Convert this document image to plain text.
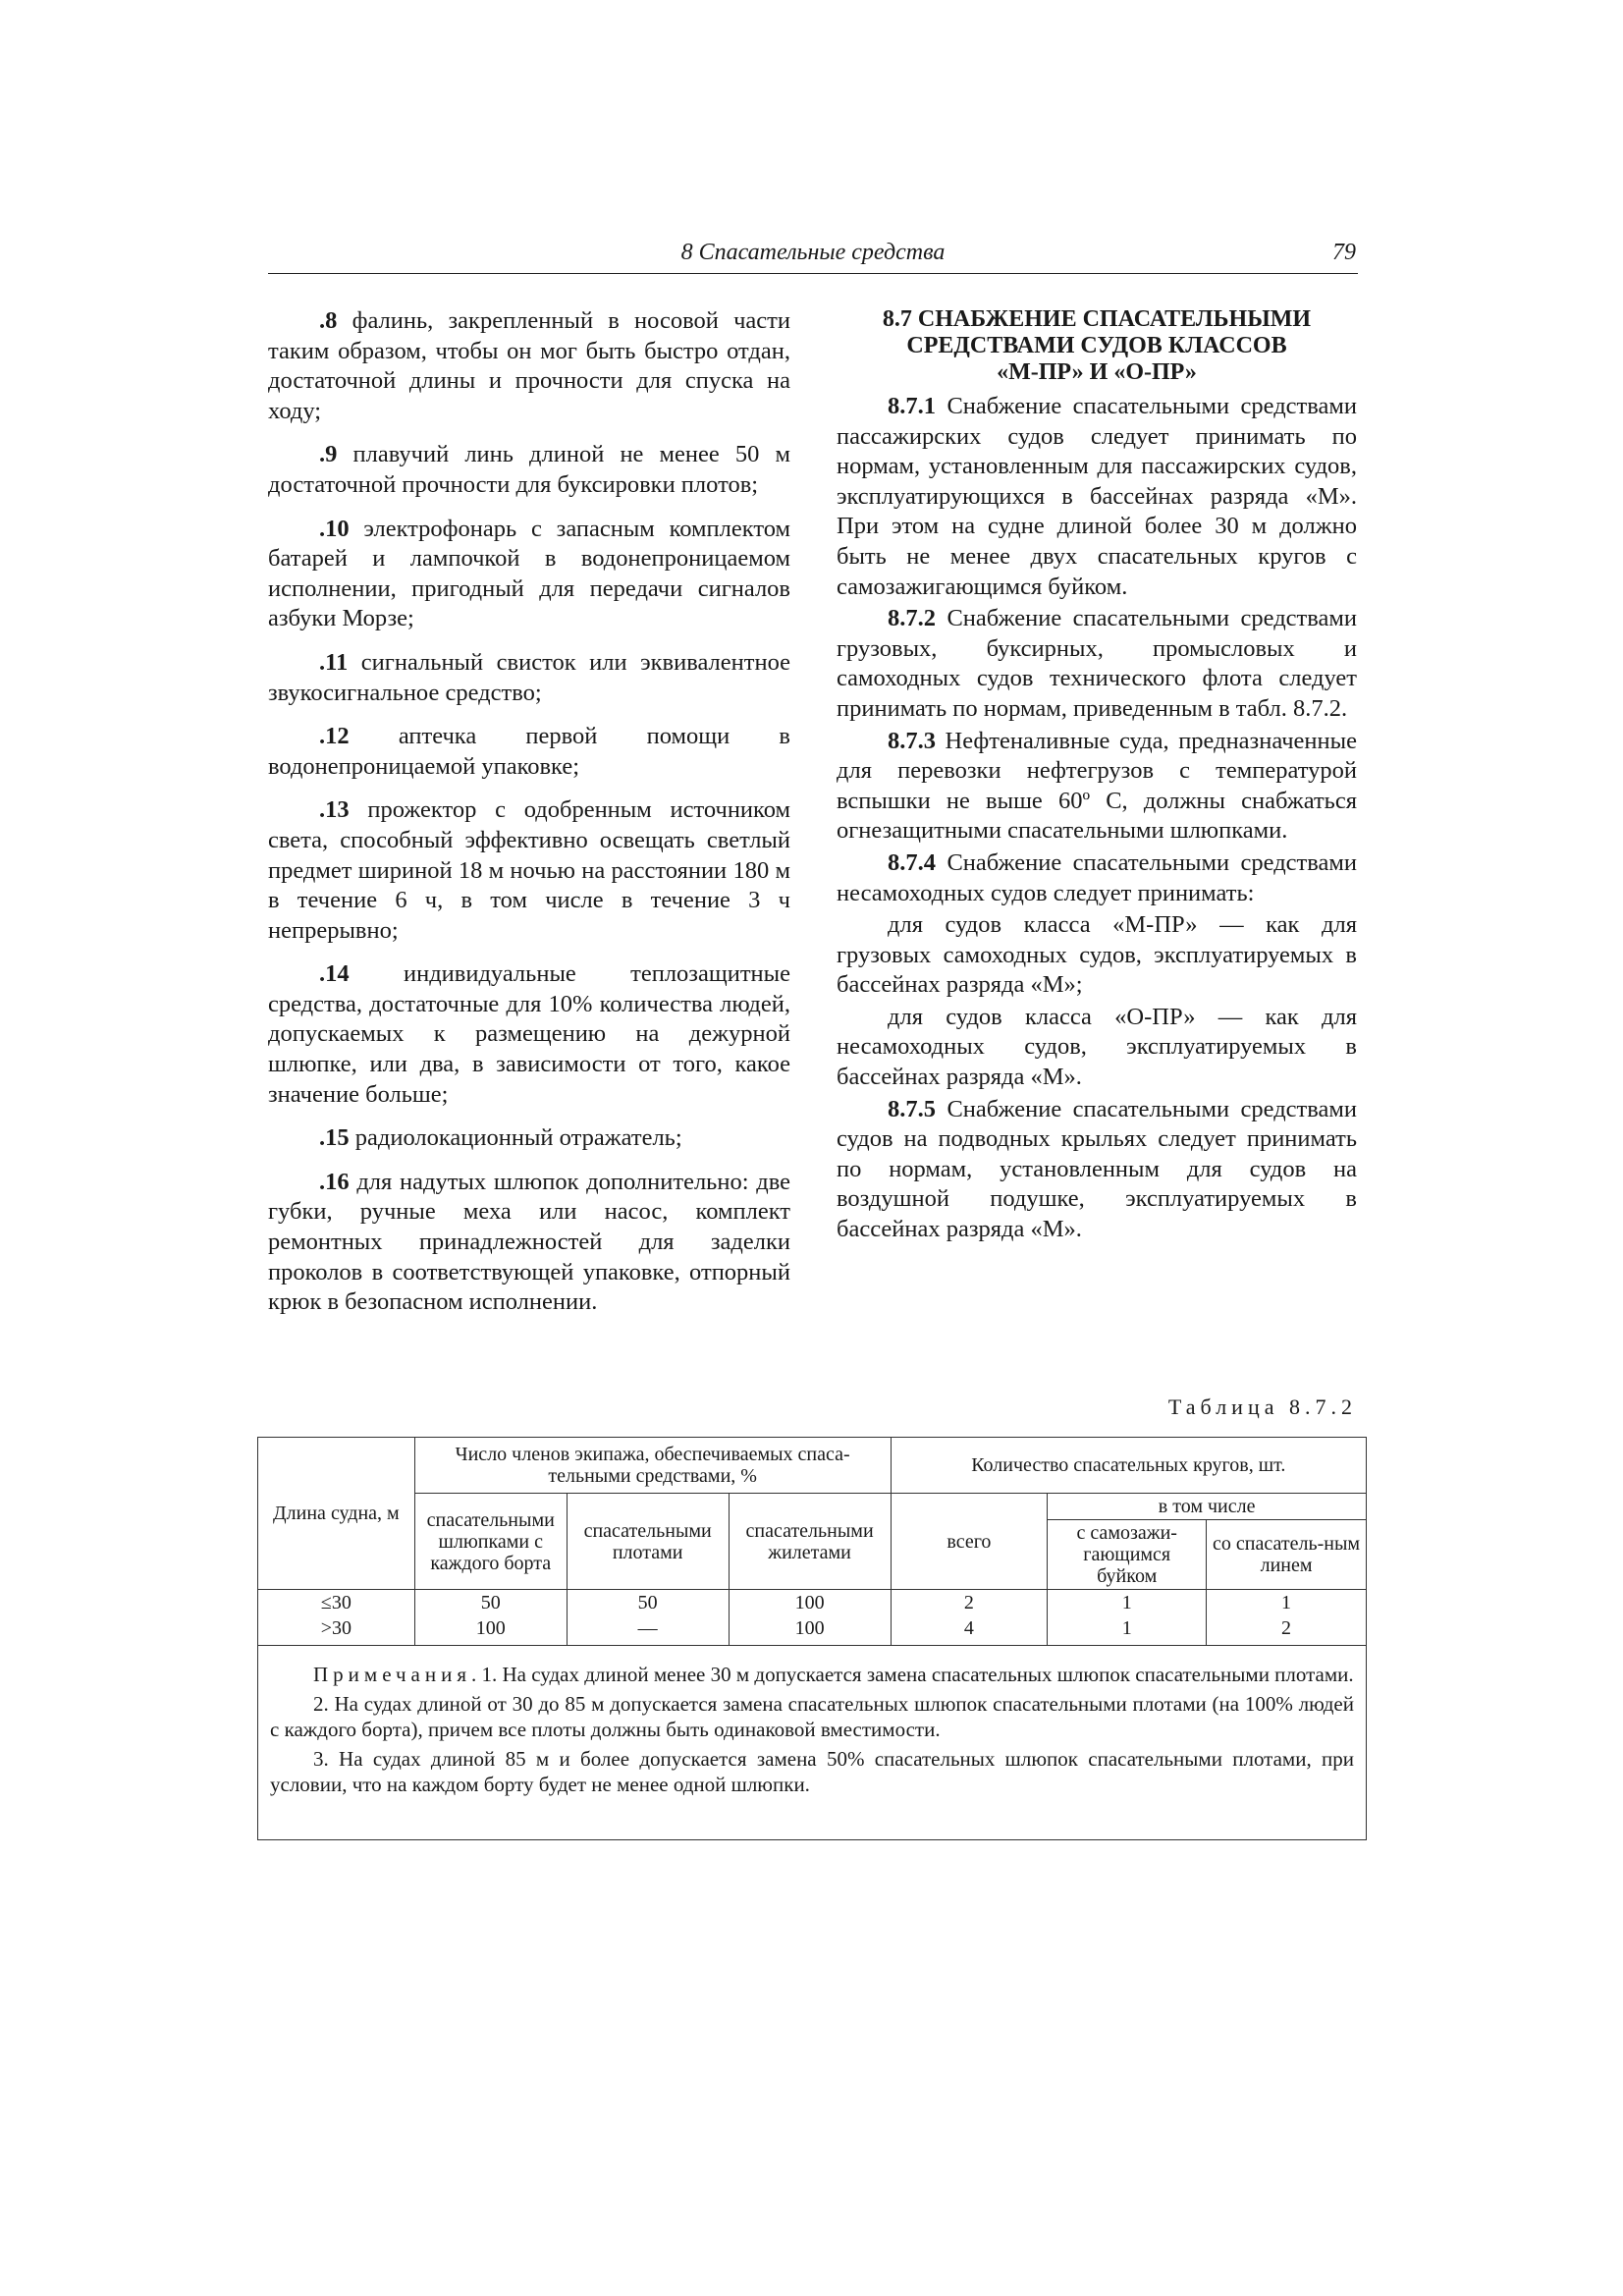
8 Спасательные средства	79

.8 фалинь, закрепленный в носовой части таким образом, чтобы он мог быть быстро отдан, достаточной длины и прочности для спуска на ходу;

.9 плавучий линь длиной не менее 50 м достаточной прочности для буксировки плотов;

.10 электрофонарь с запасным комплектом батарей и лампочкой в водонепроницаемом исполнении, пригодный для передачи сигналов азбуки Морзе;

.11 сигнальный свисток или эквивалентное звукосигнальное средство;

.12 аптечка первой помощи в водонепроницаемой упаковке;

.13 прожектор с одобренным источником света, способный эффективно освещать светлый предмет шириной 18 м ночью на расстоянии 180 м в течение 6 ч, в том числе в течение 3 ч непрерывно;

.14 индивидуальные теплозащитные средства, достаточные для 10% количества людей, допускаемых к размещению на дежурной шлюпке, или два, в зависимости от того, какое значение больше;

.15 радиолокационный отражатель;

.16 для надутых шлюпок дополнительно: две губки, ручные меха или насос, комплект ремонтных принадлежностей для заделки проколов в соответствующей упаковке, отпорный крюк в безопасном исполнении.

8.7 СНАБЖЕНИЕ СПАСАТЕЛЬНЫМИ
СРЕДСТВАМИ СУДОВ КЛАССОВ
«М-ПР» И «О-ПР»

8.7.1 Снабжение спасательными средствами пассажирских судов следует принимать по нормам, установленным для пассажирских судов, эксплуатирующихся в бассейнах разряда «М». При этом на судне длиной более 30 м должно быть не менее двух спасательных кругов с самозажигающимся буйком.

8.7.2 Снабжение спасательными средствами грузовых, буксирных, промысловых и самоходных судов технического флота следует принимать по нормам, приведенным в табл. 8.7.2.

8.7.3 Нефтеналивные суда, предназначенные для перевозки нефтегрузов с температурой вспышки не выше 60º С, должны снабжаться огнезащитными спасательными шлюпками.

8.7.4 Снабжение спасательными средствами несамоходных судов следует принимать:

для судов класса «М-ПР» — как для грузовых самоходных судов, эксплуатируемых в бассейнах разряда «М»;

для судов класса «О-ПР» — как для несамоходных судов, эксплуатируемых в бассейнах разряда «М».

8.7.5 Снабжение спасательными средствами судов на подводных крыльях следует принимать по нормам, установленным для судов на воздушной подушке, эксплуатируемых в бассейнах разряда «М».

Таблица 8.7.2
Длина судна, м	Число членов экипажа, обеспечиваемых спаса-тельными средствами, %			Количество спасательных кругов, шт.		
	спасательными шлюпками с каждого борта	спасательными плотами	спасательными жилетами	всего	в том числе	
					с самозажи-гающимся буйком	со спасатель-ным линем
≤30	50	50	100	2	1	1
>30	100	—	100	4	1	2

Примечания. 1. На судах длиной менее 30 м допускается замена спасательных шлюпок спасательными плотами.

2. На судах длиной от 30 до 85 м допускается замена спасательных шлюпок спасательными плотами (на 100% людей с каждого борта), причем все плоты должны быть одинаковой вместимости.

3. На судах длиной 85 м и более допускается замена 50% спасательных шлюпок спасательными плотами, при условии, что на каждом борту будет не менее одной шлюпки.
